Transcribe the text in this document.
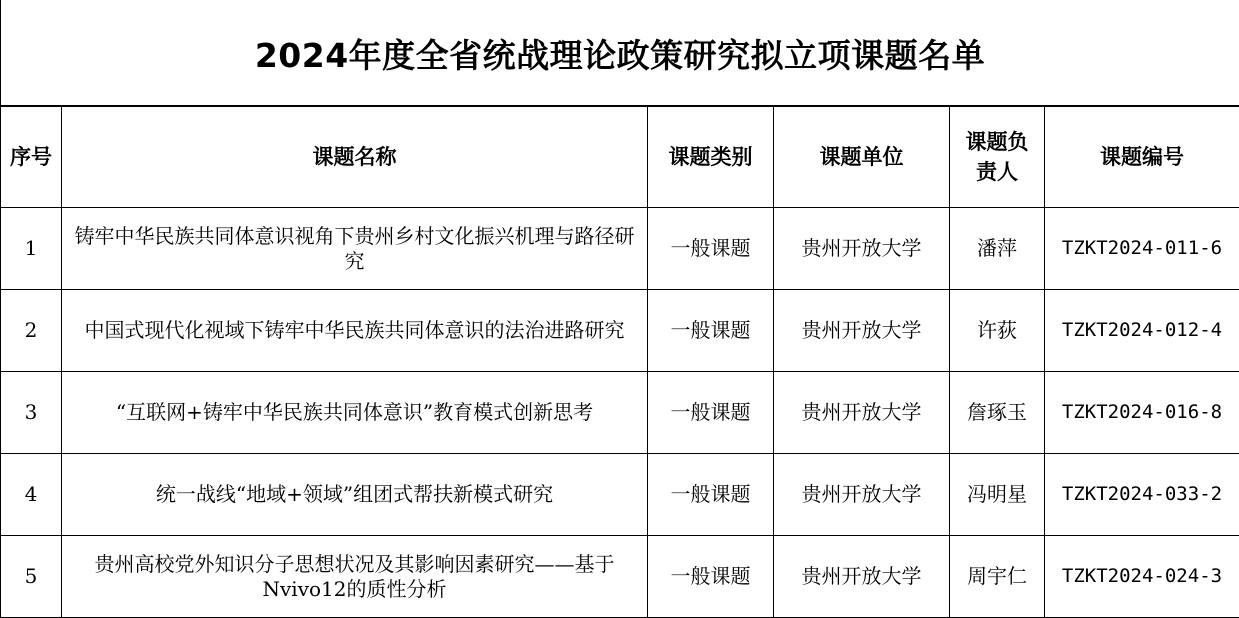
2024年度全省统战理论政策研究拟立项课题名单
序号	课题名称	课题类别	课题单位	课题负责人	课题编号
1	铸牢中华民族共同体意识视角下贵州乡村文化振兴机理与路径研究	一般课题	贵州开放大学	潘萍	TZKT2024-011-6
2	中国式现代化视域下铸牢中华民族共同体意识的法治进路研究	一般课题	贵州开放大学	许荻	TZKT2024-012-4
3	“互联网+铸牢中华民族共同体意识”教育模式创新思考	一般课题	贵州开放大学	詹琢玉	TZKT2024-016-8
4	统一战线“地域+领域”组团式帮扶新模式研究	一般课题	贵州开放大学	冯明星	TZKT2024-033-2
5	贵州高校党外知识分子思想状况及其影响因素研究——基于Nvivo12的质性分析	一般课题	贵州开放大学	周宇仁	TZKT2024-024-3
